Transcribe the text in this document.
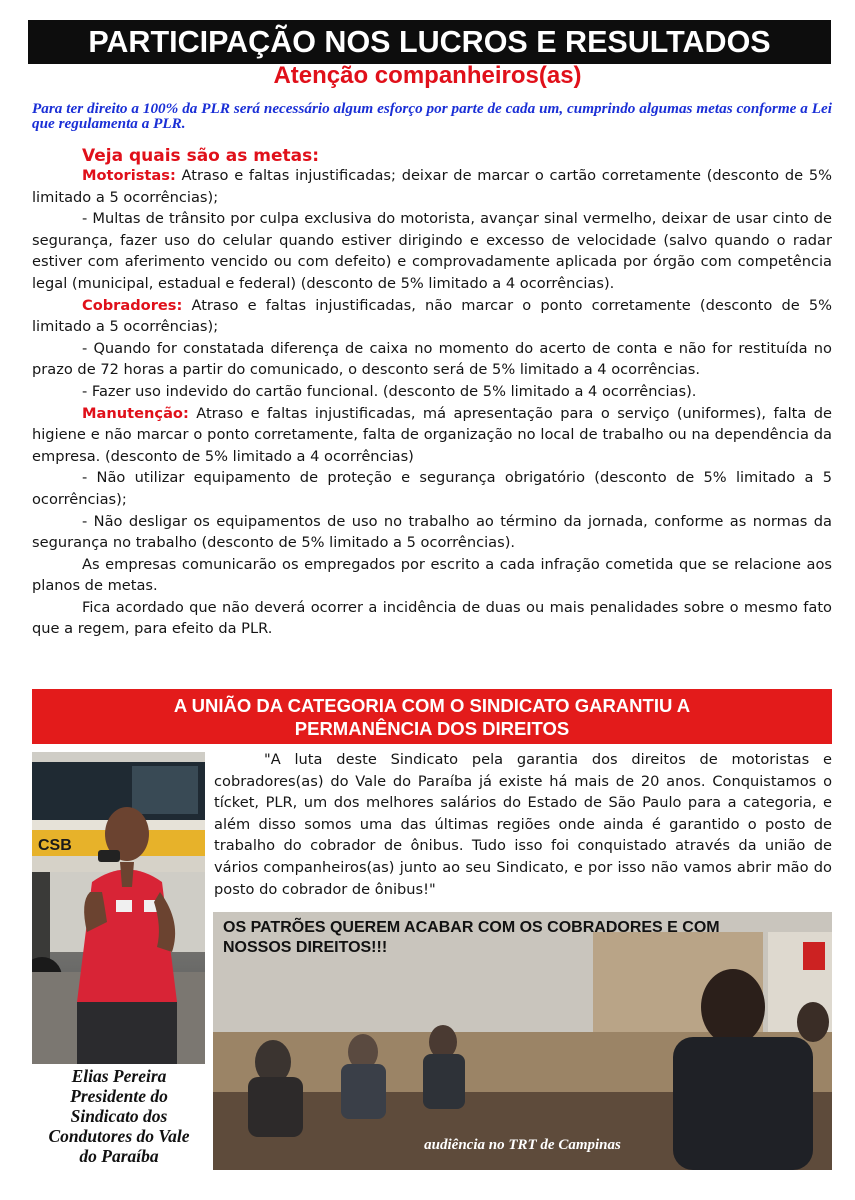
PARTICIPAÇÃO NOS LUCROS E RESULTADOS
Atenção companheiros(as)
Para ter direito a 100% da PLR será necessário algum esforço por parte de cada um, cumprindo algumas metas conforme a Lei que regulamenta a PLR.
Veja quais são as metas:

Motoristas: Atraso e faltas injustificadas; deixar de marcar o cartão corretamente (desconto de 5% limitado a 5 ocorrências);

- Multas de trânsito por culpa exclusiva do motorista, avançar sinal vermelho, deixar de usar cinto de segurança, fazer uso do celular quando estiver dirigindo e excesso de velocidade (salvo quando o radar estiver com aferimento vencido ou com defeito) e comprovadamente aplicada por órgão com competência legal (municipal, estadual e federal) (desconto de 5% limitado a 4 ocorrências).

Cobradores: Atraso e faltas injustificadas, não marcar o ponto corretamente (desconto de 5% limitado a 5 ocorrências);

- Quando for constatada diferença de caixa no momento do acerto de conta e não for restituída no prazo de 72 horas a partir do comunicado, o desconto será de 5% limitado a 4 ocorrências.

- Fazer uso indevido do cartão funcional. (desconto de 5% limitado a 4 ocorrências).

Manutenção: Atraso e faltas injustificadas, má apresentação para o serviço (uniformes), falta de higiene e não marcar o ponto corretamente, falta de organização no local de trabalho ou na dependência da empresa. (desconto de 5% limitado a 4 ocorrências)

- Não utilizar equipamento de proteção e segurança obrigatório (desconto de 5% limitado a 5 ocorrências);

- Não desligar os equipamentos de uso no trabalho ao término da jornada, conforme as normas da segurança no trabalho (desconto de 5% limitado a 5 ocorrências).

As empresas comunicarão os empregados por escrito a cada infração cometida que se relacione aos planos de metas.

Fica acordado que não deverá ocorrer a incidência de duas ou mais penalidades sobre o mesmo fato que a regem, para efeito da PLR.

A UNIÃO DA CATEGORIA COM O SINDICATO GARANTIU A
PERMANÊNCIA DOS DIREITOS
CSB
Elias Pereira
Presidente do
Sindicato dos
Condutores do Vale
do Paraíba
"A luta deste Sindicato pela garantia dos direitos de motoristas e cobradores(as) do Vale do Paraíba já existe há mais de 20 anos. Conquistamos o tícket, PLR, um dos melhores salários do Estado de São Paulo para a categoria, e além disso somos uma das últimas regiões onde ainda é garantido o posto de trabalho do cobrador de ônibus. Tudo isso foi conquistado através da união de vários companheiros(as) junto ao seu Sindicato, e por isso não vamos abrir mão do posto do cobrador de ônibus!"
OS PATRÕES QUEREM ACABAR COM OS COBRADORES E COM
NOSSOS DIREITOS!!!
audiência no TRT de Campinas
